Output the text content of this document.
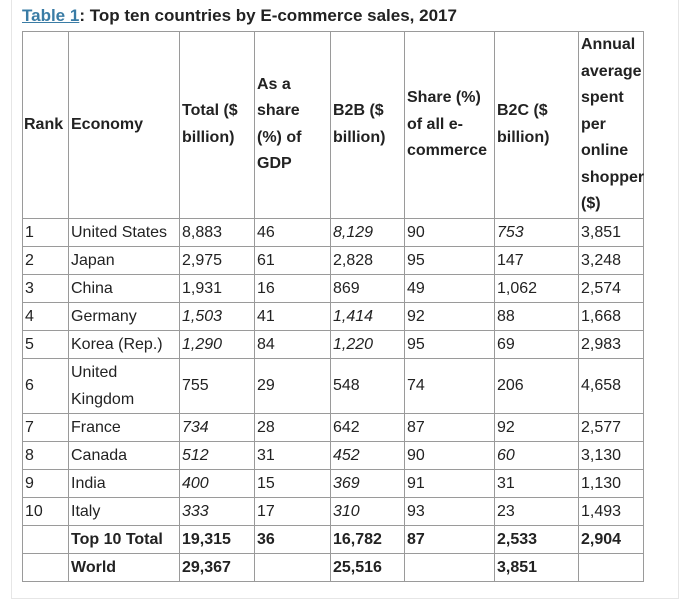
Table 1: Top ten countries by E-commerce sales, 2017
Rank	Economy	Total ($ billion)	As a share (%) of GDP	B2B ($ billion)	Share (%) of all e-commerce	B2C ($ billion)	Annual average spent per online shopper ($)
1	United States	8,883	46	8,129	90	753	3,851
2	Japan	2,975	61	2,828	95	147	3,248
3	China	1,931	16	869	49	1,062	2,574
4	Germany	1,503	41	1,414	92	88	1,668
5	Korea (Rep.)	1,290	84	1,220	95	69	2,983
6	United Kingdom	755	29	548	74	206	4,658
7	France	734	28	642	87	92	2,577
8	Canada	512	31	452	90	60	3,130
9	India	400	15	369	91	31	1,130
10	Italy	333	17	310	93	23	1,493
	Top 10 Total	19,315	36	16,782	87	2,533	2,904
	World	29,367		25,516		3,851	
